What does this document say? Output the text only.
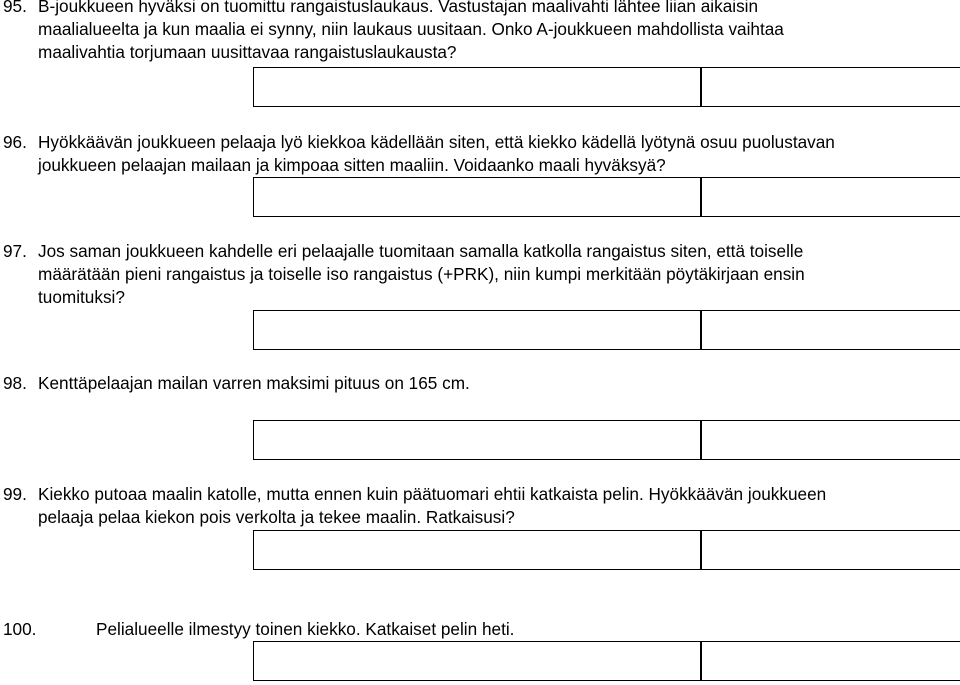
95. B-joukkueen hyväksi on tuomittu rangaistuslaukaus. Vastustajan maalivahti lähtee liian aikaisin
maalialueelta ja kun maalia ei synny, niin laukaus uusitaan. Onko A-joukkueen mahdollista vaihtaa
maalivahtia torjumaan uusittavaa rangaistuslaukausta?
96. Hyökkäävän joukkueen pelaaja lyö kiekkoa kädellään siten, että kiekko kädellä lyötynä osuu puolustavan
joukkueen pelaajan mailaan ja kimpoaa sitten maaliin. Voidaanko maali hyväksyä?
97. Jos saman joukkueen kahdelle eri pelaajalle tuomitaan samalla katkolla rangaistus siten, että toiselle
määrätään pieni rangaistus ja toiselle iso rangaistus (+PRK), niin kumpi merkitään pöytäkirjaan ensin
tuomituksi?
98. Kenttäpelaajan mailan varren maksimi pituus on 165 cm.
99. Kiekko putoaa maalin katolle, mutta ennen kuin päätuomari ehtii katkaista pelin. Hyökkäävän joukkueen
pelaaja pelaa kiekon pois verkolta ja tekee maalin. Ratkaisusi?
100.	Pelialueelle ilmestyy toinen kiekko. Katkaiset pelin heti.
